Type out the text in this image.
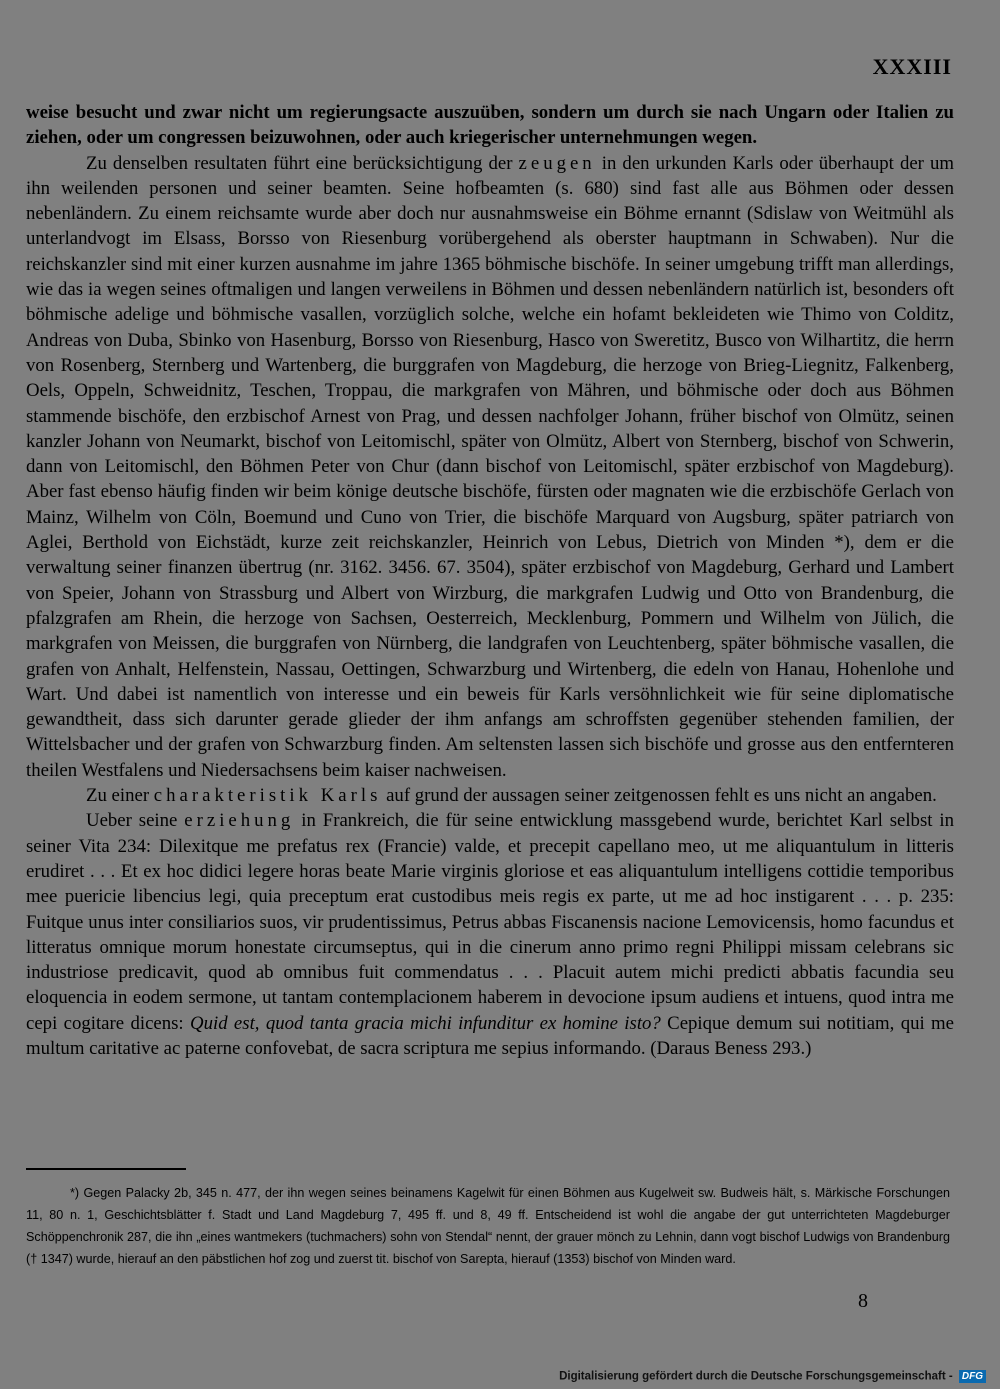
XXXIII

weise besucht und zwar nicht um regierungsacte auszuüben, sondern um durch sie nach Ungarn oder Italien zu ziehen, oder um congressen beizuwohnen, oder auch kriegerischer unternehmungen wegen.

Zu denselben resultaten führt eine berücksichtigung der zeugen in den urkunden Karls oder überhaupt der um ihn weilenden personen und seiner beamten. Seine hofbeamten (s. 680) sind fast alle aus Böhmen oder dessen nebenländern. Zu einem reichsamte wurde aber doch nur ausnahmsweise ein Böhme ernannt (Sdislaw von Weitmühl als unterlandvogt im Elsass, Borsso von Riesenburg vorübergehend als oberster hauptmann in Schwaben). Nur die reichskanzler sind mit einer kurzen ausnahme im jahre 1365 böhmische bischöfe. In seiner umgebung trifft man allerdings, wie das ia wegen seines oftmaligen und langen verweilens in Böhmen und dessen nebenländern natürlich ist, besonders oft böhmische adelige und böhmische vasallen, vorzüglich solche, welche ein hofamt bekleideten wie Thimo von Colditz, Andreas von Duba, Sbinko von Hasenburg, Borsso von Riesenburg, Hasco von Sweretitz, Busco von Wilhartitz, die herrn von Rosenberg, Sternberg und Wartenberg, die burggrafen von Magdeburg, die herzoge von Brieg-Liegnitz, Falkenberg, Oels, Oppeln, Schweidnitz, Teschen, Troppau, die markgrafen von Mähren, und böhmische oder doch aus Böhmen stammende bischöfe, den erzbischof Arnest von Prag, und dessen nachfolger Johann, früher bischof von Olmütz, seinen kanzler Johann von Neumarkt, bischof von Leitomischl, später von Olmütz, Albert von Sternberg, bischof von Schwerin, dann von Leitomischl, den Böhmen Peter von Chur (dann bischof von Leitomischl, später erzbischof von Magdeburg). Aber fast ebenso häufig finden wir beim könige deutsche bischöfe, fürsten oder magnaten wie die erzbischöfe Gerlach von Mainz, Wilhelm von Cöln, Boemund und Cuno von Trier, die bischöfe Marquard von Augsburg, später patriarch von Aglei, Berthold von Eichstädt, kurze zeit reichskanzler, Heinrich von Lebus, Dietrich von Minden *), dem er die verwaltung seiner finanzen übertrug (nr. 3162. 3456. 67. 3504), später erzbischof von Magdeburg, Gerhard und Lambert von Speier, Johann von Strassburg und Albert von Wirzburg, die markgrafen Ludwig und Otto von Brandenburg, die pfalzgrafen am Rhein, die herzoge von Sachsen, Oesterreich, Mecklenburg, Pommern und Wilhelm von Jülich, die markgrafen von Meissen, die burggrafen von Nürnberg, die landgrafen von Leuchtenberg, später böhmische vasallen, die grafen von Anhalt, Helfenstein, Nassau, Oettingen, Schwarzburg und Wirtenberg, die edeln von Hanau, Hohenlohe und Wart. Und dabei ist namentlich von interesse und ein beweis für Karls versöhnlichkeit wie für seine diplomatische gewandtheit, dass sich darunter gerade glieder der ihm anfangs am schroffsten gegenüber stehenden familien, der Wittelsbacher und der grafen von Schwarzburg finden. Am seltensten lassen sich bischöfe und grosse aus den entfernteren theilen Westfalens und Niedersachsens beim kaiser nachweisen.

Zu einer charakteristik Karls auf grund der aussagen seiner zeitgenossen fehlt es uns nicht an angaben.

Ueber seine erziehung in Frankreich, die für seine entwicklung massgebend wurde, berichtet Karl selbst in seiner Vita 234: Dilexitque me prefatus rex (Francie) valde, et precepit capellano meo, ut me aliquantulum in litteris erudiret . . . Et ex hoc didici legere horas beate Marie virginis gloriose et eas aliquantulum intelligens cottidie temporibus mee puericie libencius legi, quia preceptum erat custodibus meis regis ex parte, ut me ad hoc instigarent . . . p. 235: Fuitque unus inter consiliarios suos, vir prudentissimus, Petrus abbas Fiscanensis nacione Lemovicensis, homo facundus et litteratus omnique morum honestate circumseptus, qui in die cinerum anno primo regni Philippi missam celebrans sic industriose predicavit, quod ab omnibus fuit commendatus . . . Placuit autem michi predicti abbatis facundia seu eloquencia in eodem sermone, ut tantam contemplacionem haberem in devocione ipsum audiens et intuens, quod intra me cepi cogitare dicens: Quid est, quod tanta gracia michi infunditur ex homine isto? Cepique demum sui notitiam, qui me multum caritative ac paterne confovebat, de sacra scriptura me sepius informando. (Daraus Beness 293.)

*) Gegen Palacky 2b, 345 n. 477, der ihn wegen seines beinamens Kagelwit für einen Böhmen aus Kugelweit sw. Budweis hält, s. Märkische Forschungen 11, 80 n. 1, Geschichtsblätter f. Stadt und Land Magdeburg 7, 495 ff. und 8, 49 ff. Entscheidend ist wohl die angabe der gut unterrichteten Magdeburger Schöppenchronik 287, die ihn „eines wantmekers (tuchmachers) sohn von Stendal“ nennt, der grauer mönch zu Lehnin, dann vogt bischof Ludwigs von Brandenburg († 1347) wurde, hierauf an den päbstlichen hof zog und zuerst tit. bischof von Sarepta, hierauf (1353) bischof von Minden ward.

8
Digitalisierung gefördert durch die Deutsche Forschungsgemeinschaft - DFG
